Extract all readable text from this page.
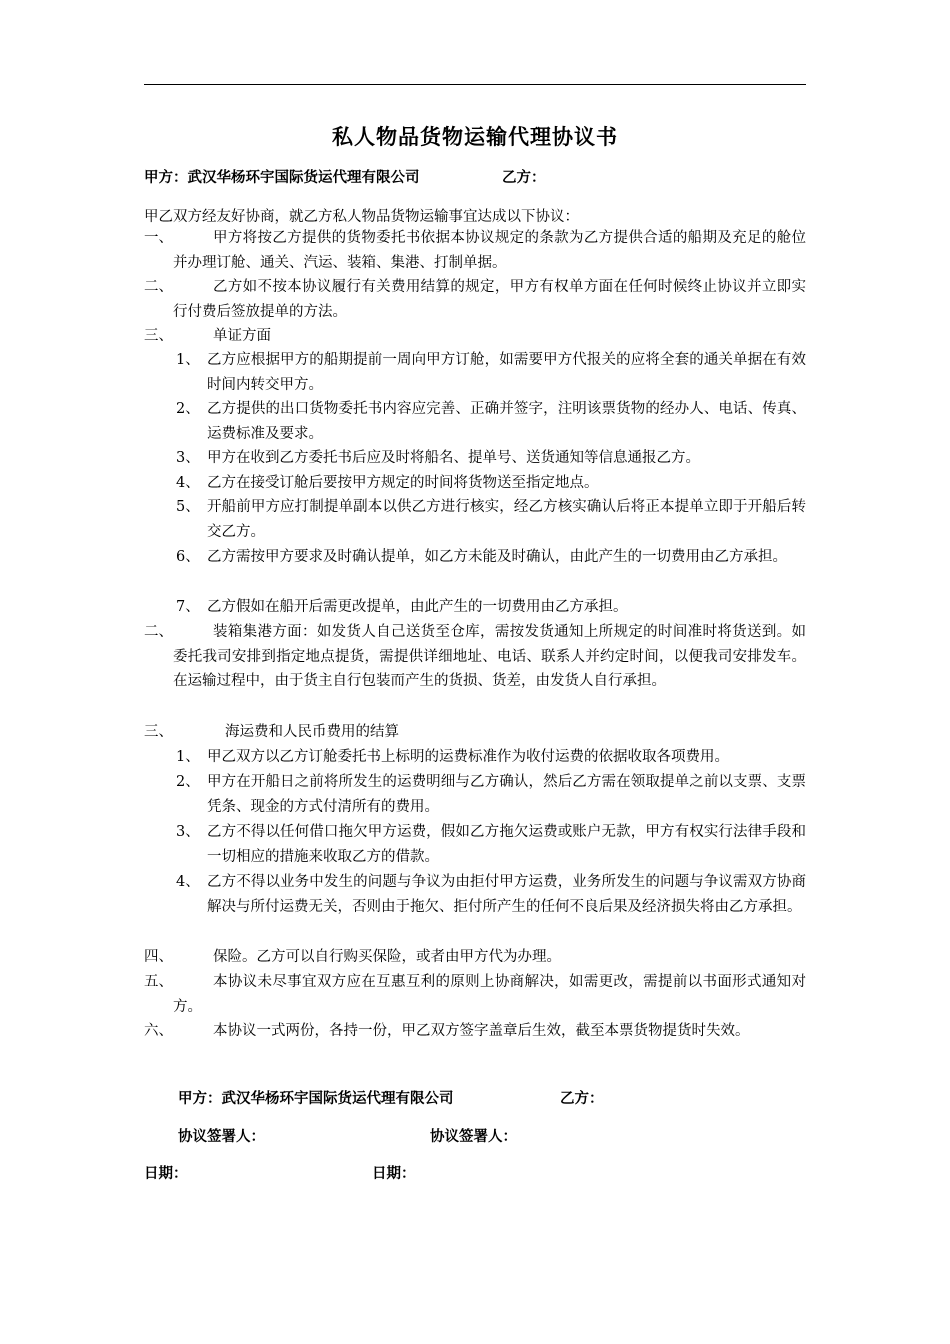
私人物品货物运输代理协议书
甲方：武汉华杨环宇国际货运代理有限公司	乙方：
甲乙双方经友好协商，就乙方私人物品货物运输事宜达成以下协议：
一、	甲方将按乙方提供的货物委托书依据本协议规定的条款为乙方提供合适的船期及充足的舱位并办理订舱、通关、汽运、装箱、集港、打制单据。
二、	乙方如不按本协议履行有关费用结算的规定，甲方有权单方面在任何时候终止协议并立即实行付费后签放提单的方法。
三、	单证方面
1、 乙方应根据甲方的船期提前一周向甲方订舱，如需要甲方代报关的应将全套的通关单据在有效时间内转交甲方。
2、 乙方提供的出口货物委托书内容应完善、正确并签字，注明该票货物的经办人、电话、传真、运费标准及要求。
3、 甲方在收到乙方委托书后应及时将船名、提单号、送货通知等信息通报乙方。
4、 乙方在接受订舱后要按甲方规定的时间将货物送至指定地点。
5、 开船前甲方应打制提单副本以供乙方进行核实，经乙方核实确认后将正本提单立即于开船后转交乙方。
6、 乙方需按甲方要求及时确认提单，如乙方未能及时确认，由此产生的一切费用由乙方承担。
7、 乙方假如在船开后需更改提单，由此产生的一切费用由乙方承担。
二、	装箱集港方面：如发货人自己送货至仓库，需按发货通知上所规定的时间准时将货送到。如委托我司安排到指定地点提货，需提供详细地址、电话、联系人并约定时间，以便我司安排发车。在运输过程中，由于货主自行包装而产生的货损、货差，由发货人自行承担。
三、	海运费和人民币费用的结算
1、 甲乙双方以乙方订舱委托书上标明的运费标准作为收付运费的依据收取各项费用。
2、 甲方在开船日之前将所发生的运费明细与乙方确认，然后乙方需在领取提单之前以支票、支票凭条、现金的方式付清所有的费用。
3、 乙方不得以任何借口拖欠甲方运费，假如乙方拖欠运费或账户无款，甲方有权实行法律手段和一切相应的措施来收取乙方的借款。
4、 乙方不得以业务中发生的问题与争议为由拒付甲方运费，业务所发生的问题与争议需双方协商解决与所付运费无关，否则由于拖欠、拒付所产生的任何不良后果及经济损失将由乙方承担。
四、	保险。乙方可以自行购买保险，或者由甲方代为办理。
五、	本协议未尽事宜双方应在互惠互利的原则上协商解决，如需更改，需提前以书面形式通知对方。
六、	本协议一式两份，各持一份，甲乙双方签字盖章后生效，截至本票货物提货时失效。
甲方：武汉华杨环宇国际货运代理有限公司	乙方：
协议签署人：	协议签署人：
日期：	日期：
